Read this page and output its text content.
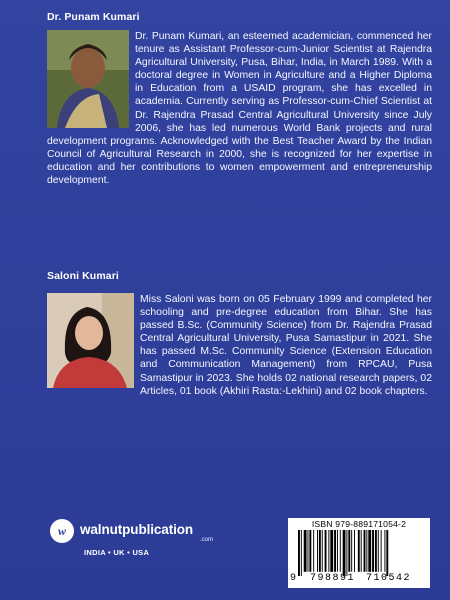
Dr. Punam Kumari
Dr. Punam Kumari, an esteemed academician, commenced her tenure as Assistant Professor-cum-Junior Scientist at Rajendra Agricultural University, Pusa, Bihar, India, in March 1989. With a doctoral degree in Women in Agriculture and a Higher Diploma in Education from a USAID program, she has excelled in academia. Currently serving as Professor-cum-Chief Scientist at Dr. Rajendra Prasad Central Agricultural University since July 2006, she has led numerous World Bank projects and rural development programs. Acknowledged with the Best Teacher Award by the Indian Council of Agricultural Research in 2000, she is recognized for her expertise in education and her contributions to women empowerment and entrepreneurship development.
Saloni Kumari
Miss Saloni was born on 05 February 1999 and completed her schooling and pre-degree education from Bihar. She has passed B.Sc. (Community Science) from Dr. Rajendra Prasad Central Agricultural University, Pusa Samastipur in 2021. She has passed M.Sc. Community Science (Extension Education and Communication Management) from RPCAU, Pusa Samastipur in 2023. She holds 02 national research papers, 02 Articles, 01 book (Akhiri Rasta:-Lekhini) and 02 book chapters.
w walnutpublication
.com
INDIA • UK • USA
ISBN 979-889171054-2
9 798891 710542
